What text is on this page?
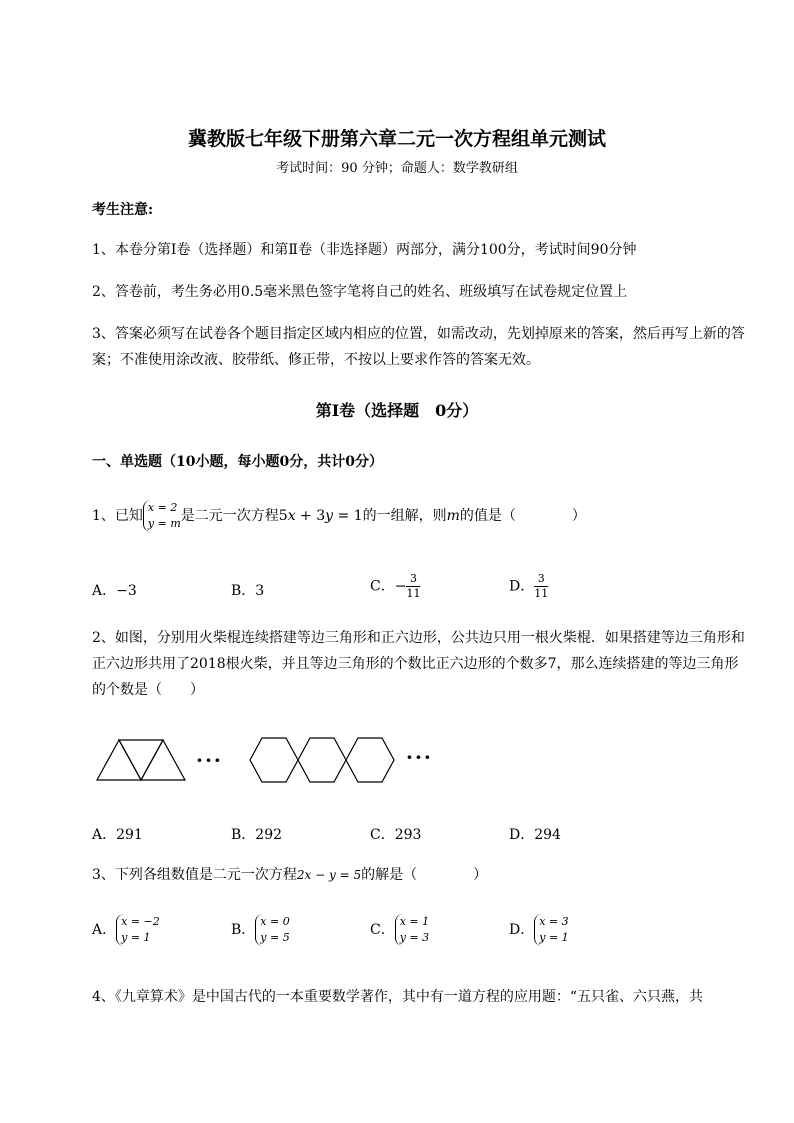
冀教版七年级下册第六章二元一次方程组单元测试
考试时间：90 分钟；命题人：数学教研组
考生注意:
1、本卷分第Ⅰ卷（选择题）和第Ⅱ卷（非选择题）两部分，满分100分，考试时间90分钟
2、答卷前，考生务必用0.5毫米黑色签字笔将自己的姓名、班级填写在试卷规定位置上
3、答案必须写在试卷各个题目指定区域内相应的位置，如需改动，先划掉原来的答案，然后再写上新的答案；不准使用涂改液、胶带纸、修正带，不按以上要求作答的答案无效。
第Ⅰ卷（选择题　0分）
一、单选题（10小题，每小题0分，共计0分）
1、已知x = 2
y = m是二元一次方程5x + 3y = 1的一组解，则m的值是（　　　　）
A．−3	B．3	C．− $\frac{3}{11}$	D． $\frac{3}{11}$
2、如图，分别用火柴棍连续搭建等边三角形和正六边形，公共边只用一根火柴棍．如果搭建等边三角形和正六边形共用了2018根火柴，并且等边三角形的个数比正六边形的个数多7，那么连续搭建的等边三角形的个数是（　　）
···	···
A．291	B．292	C．293	D．294
3、下列各组数值是二元一次方程2x − y = 5的解是（　　　　）
A．x = −2
y = 1	B．x = 0
y = 5	C．x = 1
y = 3	D．x = 3
y = 1
4、《九章算术》是中国古代的一本重要数学著作，其中有一道方程的应用题：“五只雀、六只燕，共
